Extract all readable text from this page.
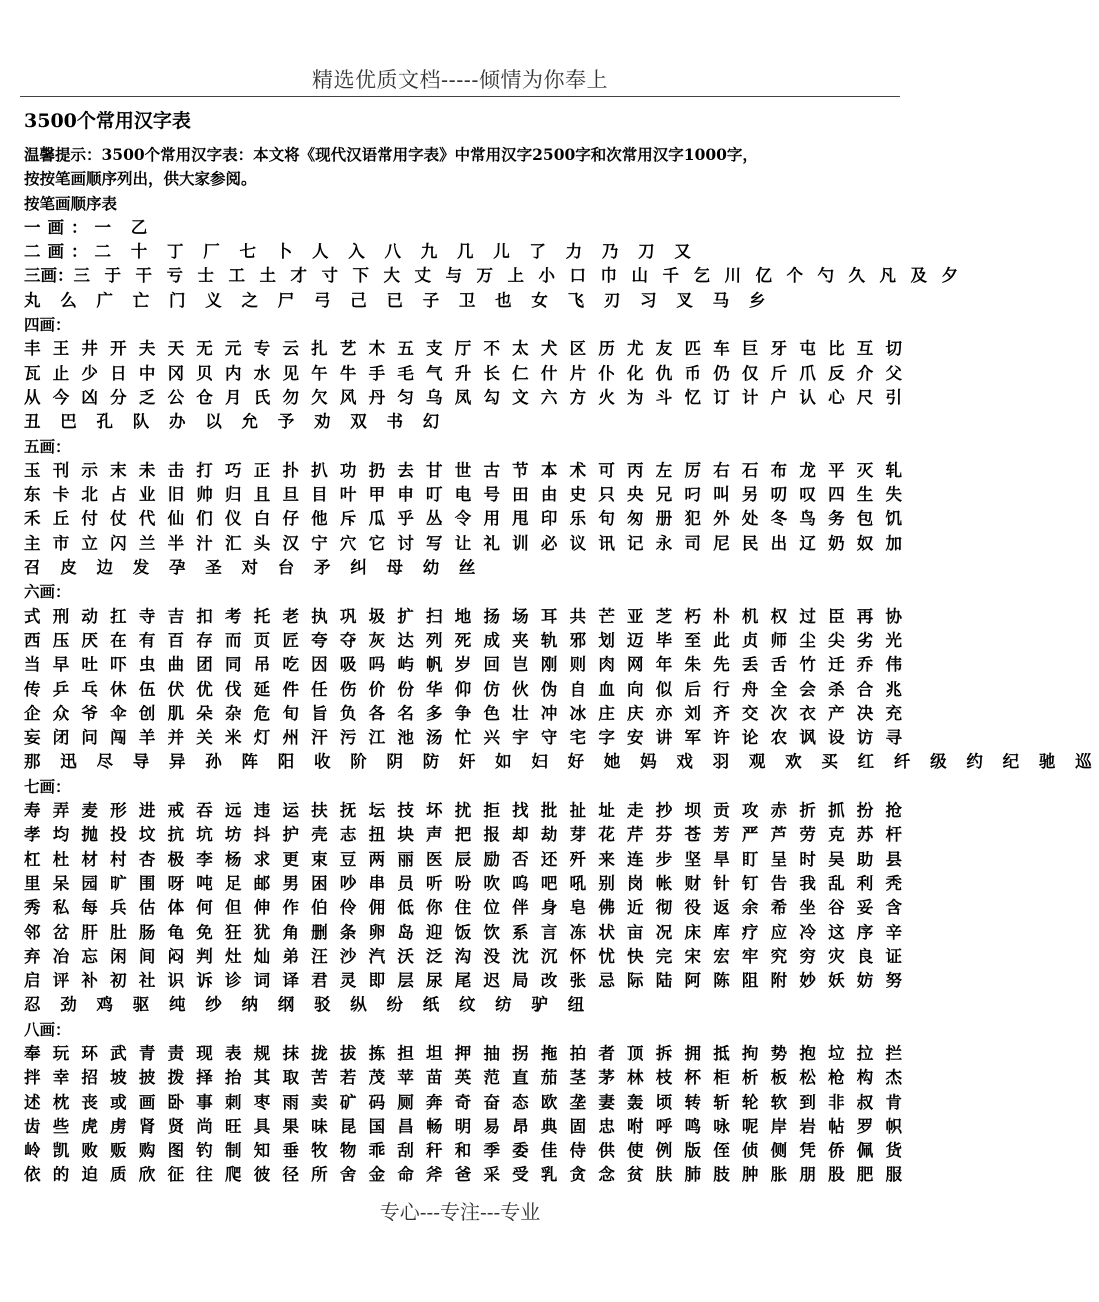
精选优质文档-----倾情为你奉上
3500个常用汉字表
温馨提示：3500个常用汉字表：本文将《现代汉语常用字表》中常用汉字2500字和次常用汉字1000字，
按按笔画顺序列出，供大家参阅。
按笔画顺序表
一画：一 乙
二画：二 十 丁 厂 七 卜 人 入 八 九 几 儿 了 力 乃 刀 又
三画：三于干亏士工土才寸下大丈与万上小口巾山千乞川亿个勺久凡及夕
丸 么 广 亡 门 义 之 尸 弓 己 已 子 卫 也 女 飞 刃 习 叉 马 乡
四画：
丰王井开夫天无元专云扎艺木五支厅不太犬区历尤友匹车巨牙屯比互切
瓦止少日中冈贝内水见午牛手毛气升长仁什片仆化仇币仍仅斤爪反介父
从今凶分乏公仓月氏勿欠风丹匀乌凤勾文六方火为斗忆订计户认心尺引
丑 巴 孔 队 办 以 允 予 劝 双 书 幻
五画：
玉刊示末未击打巧正扑扒功扔去甘世古节本术可丙左厉右石布龙平灭轧
东卡北占业旧帅归且旦目叶甲申叮电号田由史只央兄叼叫另叨叹四生失
禾丘付仗代仙们仪白仔他斥瓜乎丛令用甩印乐句匆册犯外处冬鸟务包饥
主市立闪兰半汁汇头汉宁穴它讨写让礼训必议讯记永司尼民出辽奶奴加
召 皮 边 发 孕 圣 对 台 矛 纠 母 幼 丝
六画：
式刑动扛寺吉扣考托老执巩圾扩扫地扬场耳共芒亚芝朽朴机权过臣再协
西压厌在有百存而页匠夸夺灰达列死成夹轨邪划迈毕至此贞师尘尖劣光
当早吐吓虫曲团同吊吃因吸吗屿帆岁回岂刚则肉网年朱先丢舌竹迁乔伟
传乒乓休伍伏优伐延件任伤价份华仰仿伙伪自血向似后行舟全会杀合兆
企众爷伞创肌朵杂危旬旨负各名多争色壮冲冰庄庆亦刘齐交次衣产决充
妄闭问闯羊并关米灯州汗污江池汤忙兴宇守宅字安讲军许论农讽设访寻
那 迅 尽 导 异 孙 阵 阳 收 阶 阴 防 奸 如 妇 好 她 妈 戏 羽 观 欢 买 红 纤 级 约 纪 驰 巡
七画：
寿弄麦形进戒吞远违运扶抚坛技坏扰拒找批扯址走抄坝贡攻赤折抓扮抢
孝均抛投坟抗坑坊抖护壳志扭块声把报却劫芽花芹芬苍芳严芦劳克苏杆
杠杜材村杏极李杨求更束豆两丽医辰励否还歼来连步坚旱盯呈时吴助县
里呆园旷围呀吨足邮男困吵串员听吩吹呜吧吼别岗帐财针钉告我乱利秃
秀私每兵估体何但伸作伯伶佣低你住位伴身皂佛近彻役返余希坐谷妥含
邻岔肝肚肠龟免狂犹角删条卵岛迎饭饮系言冻状亩况床库疗应冷这序辛
弃冶忘闲间闷判灶灿弟汪沙汽沃泛沟没沈沉怀忧快完宋宏牢究穷灾良证
启评补初社识诉诊词译君灵即层尿尾迟局改张忌际陆阿陈阻附妙妖妨努
忍 劲 鸡 驱 纯 纱 纳 纲 驳 纵 纷 纸 纹 纺 驴 纽
八画：
奉玩环武青责现表规抹拢拔拣担坦押抽拐拖拍者顶拆拥抵拘势抱垃拉拦
拌幸招坡披拨择抬其取苦若茂苹苗英范直茄茎茅林枝杯柜析板松枪构杰
述枕丧或画卧事刺枣雨卖矿码厕奔奇奋态欧垄妻轰顷转斩轮软到非叔肯
齿些虎虏肾贤尚旺具果味昆国昌畅明易昂典固忠咐呼鸣咏呢岸岩帖罗帜
岭凯败贩购图钓制知垂牧物乖刮秆和季委佳侍供使例版侄侦侧凭侨佩货
依的迫质欣征往爬彼径所舍金命斧爸采受乳贪念贫肤肺肢肿胀朋股肥服
专心---专注---专业
